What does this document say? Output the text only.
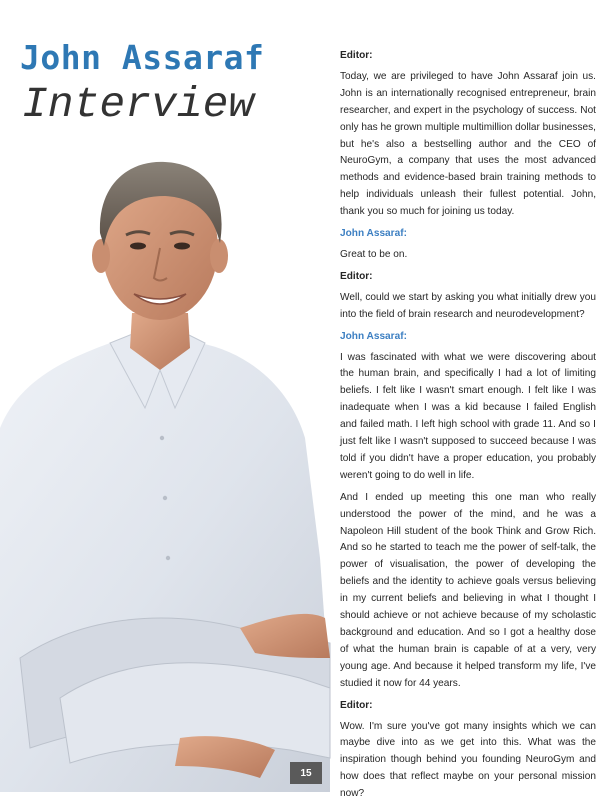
John Assaraf
Interview
Editor:

Today, we are privileged to have John Assaraf join us. John is an internationally recognised entrepreneur, brain researcher, and expert in the psychology of success. Not only has he grown multiple multimillion dollar businesses, but he's also a bestselling author and the CEO of NeuroGym, a company that uses the most advanced methods and evidence-based brain training methods to help individuals unleash their fullest potential. John, thank you so much for joining us today.

John Assaraf:

Great to be on.

Editor:

Well, could we start by asking you what initially drew you into the field of brain research and neurodevelopment?

John Assaraf:

I was fascinated with what we were discovering about the human brain, and specifically I had a lot of limiting beliefs. I felt like I wasn't smart enough. I felt like I was inadequate when I was a kid because I failed English and failed math. I left high school with grade 11. And so I just felt like I wasn't supposed to succeed because I was told if you didn't have a proper education, you probably weren't going to do well in life.

And I ended up meeting this one man who really understood the power of the mind, and he was a Napoleon Hill student of the book Think and Grow Rich. And so he started to teach me the power of self-talk, the power of visualisation, the power of developing the beliefs and the identity to achieve goals versus believing in my current beliefs and believing in what I thought I should achieve or not achieve because of my scholastic background and education. And so I got a healthy dose of what the human brain is capable of at a very, very young age. And because it helped transform my life, I've studied it now for 44 years.

Editor:

Wow. I'm sure you've got many insights which we can maybe dive into as we get into this. What was the inspiration though behind you founding NeuroGym and how does that reflect maybe on your personal mission now?

15
